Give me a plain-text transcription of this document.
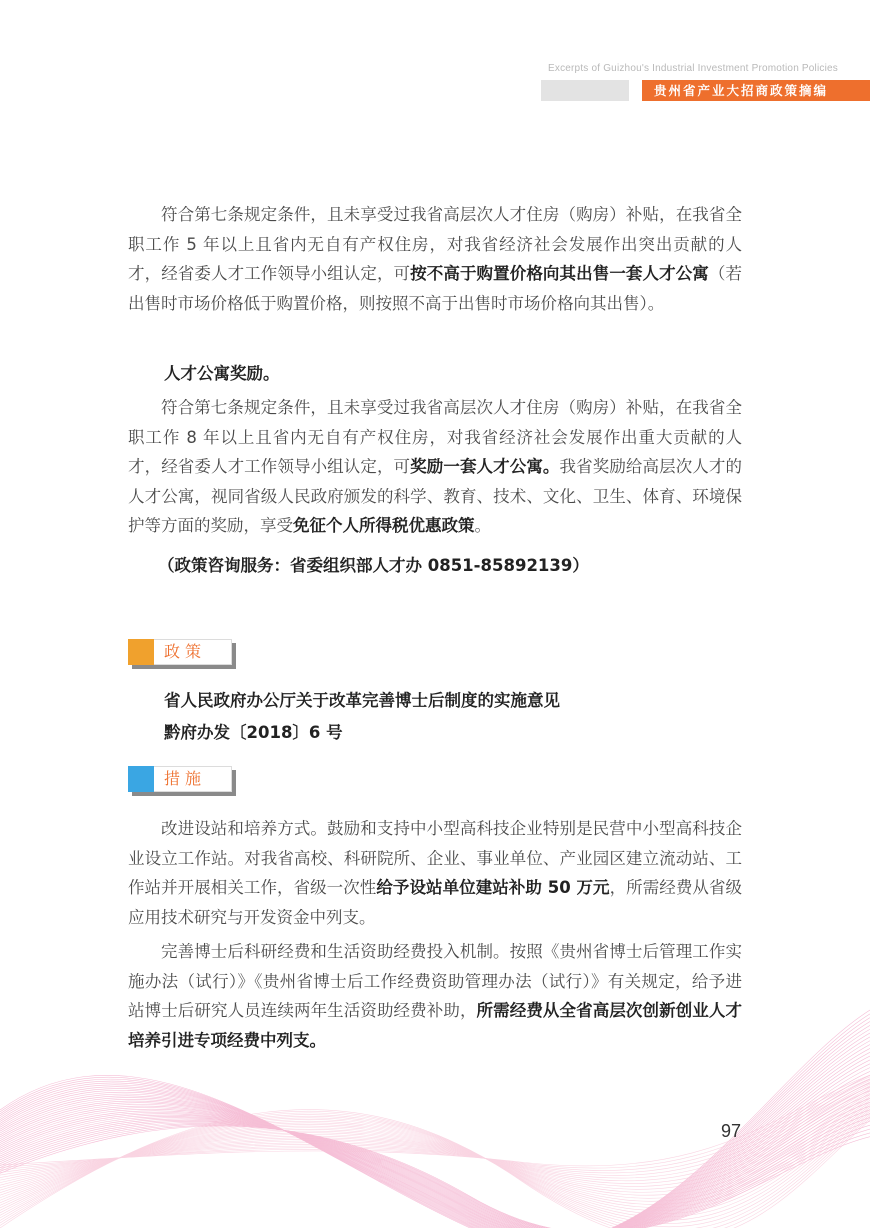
Excerpts of Guizhou's Industrial Investment Promotion Policies
贵州省产业大招商政策摘编

符合第七条规定条件，且未享受过我省高层次人才住房（购房）补贴，在我省全职工作 5 年以上且省内无自有产权住房，对我省经济社会发展作出突出贡献的人才，经省委人才工作领导小组认定，可按不高于购置价格向其出售一套人才公寓（若出售时市场价格低于购置价格，则按照不高于出售时市场价格向其出售）。

人才公寓奖励。

符合第七条规定条件，且未享受过我省高层次人才住房（购房）补贴，在我省全职工作 8 年以上且省内无自有产权住房，对我省经济社会发展作出重大贡献的人才，经省委人才工作领导小组认定，可奖励一套人才公寓。我省奖励给高层次人才的人才公寓，视同省级人民政府颁发的科学、教育、技术、文化、卫生、体育、环境保护等方面的奖励，享受免征个人所得税优惠政策。

（政策咨询服务：省委组织部人才办 0851-85892139）
政策
省人民政府办公厅关于改革完善博士后制度的实施意见
黔府办发〔2018〕6 号
措施

改进设站和培养方式。鼓励和支持中小型高科技企业特别是民营中小型高科技企业设立工作站。对我省高校、科研院所、企业、事业单位、产业园区建立流动站、工作站并开展相关工作，省级一次性给予设站单位建站补助 50 万元，所需经费从省级应用技术研究与开发资金中列支。

完善博士后科研经费和生活资助经费投入机制。按照《贵州省博士后管理工作实施办法（试行）》《贵州省博士后工作经费资助管理办法（试行）》有关规定，给予进站博士后研究人员连续两年生活资助经费补助，所需经费从全省高层次创新创业人才培养引进专项经费中列支。

97
